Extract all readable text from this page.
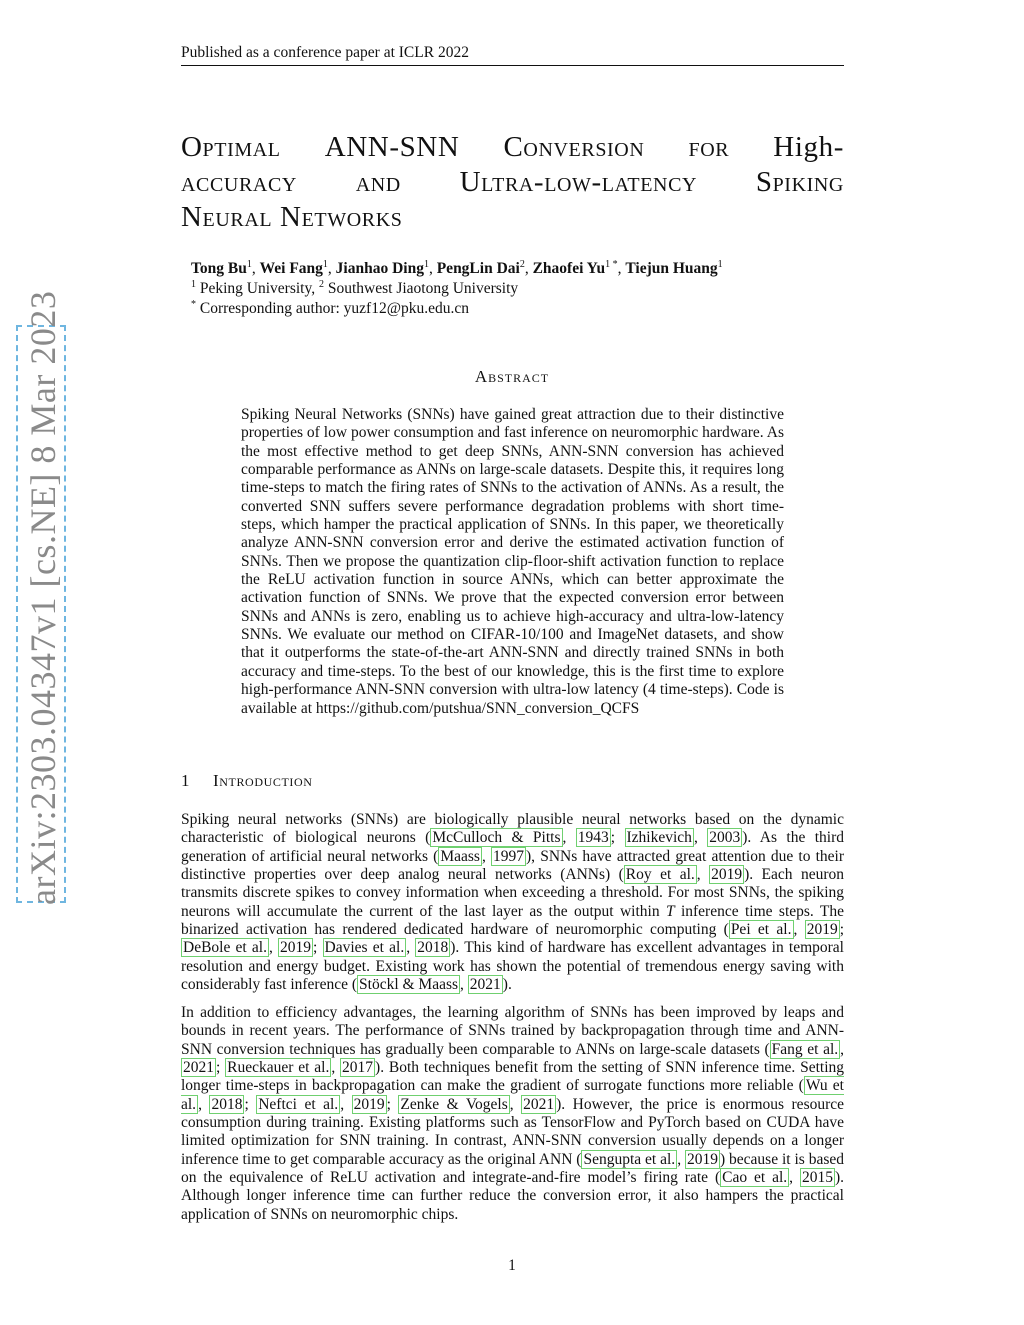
Published as a conference paper at ICLR 2022
arXiv:2303.04347v1 [cs.NE] 8 Mar 2023
Optimal ANN-SNN Conversion for High-
accuracy and Ultra-low-latency Spiking
Neural Networks
Tong Bu$^1$, Wei Fang$^1$, Jianhao Ding$^1$, PengLin Dai$^2$, Zhaofei $Yu^{1 *}$, Tiejun Huang$^1$
$^1$ Peking University, $^2$ Southwest Jiaotong University
* Corresponding author: yuzf12@pku.edu.cn
Abstract
Spiking Neural Networks (SNNs) have gained great attraction due to their distinctive properties of low power consumption and fast inference on neuromorphic hardware. As the most effective method to get deep SNNs, ANN-SNN conversion has achieved comparable performance as ANNs on large-scale datasets. Despite this, it requires long time-steps to match the firing rates of SNNs to the activation of ANNs. As a result, the converted SNN suffers severe performance degradation problems with short time-steps, which hamper the practical application of SNNs. In this paper, we theoretically analyze ANN-SNN conversion error and derive the estimated activation function of SNNs. Then we propose the quantization clip-floor-shift activation function to replace the ReLU activation function in source ANNs, which can better approximate the activation function of SNNs. We prove that the expected conversion error between SNNs and ANNs is zero, enabling us to achieve high-accuracy and ultra-low-latency SNNs. We evaluate our method on CIFAR-10/100 and ImageNet datasets, and show that it outperforms the state-of-the-art ANN-SNN and directly trained SNNs in both accuracy and time-steps. To the best of our knowledge, this is the first time to explore high-performance ANN-SNN conversion with ultra-low latency (4 time-steps). Code is available at https://github.com/putshua/SNN_conversion_QCFS
1 Introduction
Spiking neural networks (SNNs) are biologically plausible neural networks based on the dynamic characteristic of biological neurons ( McCulloch & Pitts , 1943 ; Izhikevich , 2003 ). As the third generation of artificial neural networks ( Maass , 1997 ), SNNs have attracted great attention due to their distinctive properties over deep analog neural networks (ANNs) ( Roy et al. , 2019 ). Each neuron transmits discrete spikes to convey information when exceeding a threshold. For most SNNs, the spiking neurons will accumulate the current of the last layer as the output within T inference time steps. The binarized activation has rendered dedicated hardware of neuromorphic computing ( Pei et al. , 2019 ; DeBole et al. , 2019 ; Davies et al. , 2018 ). This kind of hardware has excellent advantages in temporal resolution and energy budget. Existing work has shown the potential of tremendous energy saving with considerably fast inference ( Stöckl & Maass , 2021 ).
In addition to efficiency advantages, the learning algorithm of SNNs has been improved by leaps and bounds in recent years. The performance of SNNs trained by backpropagation through time and ANN-SNN conversion techniques has gradually been comparable to ANNs on large-scale datasets ( Fang et al. , 2021 ; Rueckauer et al. , 2017 ). Both techniques benefit from the setting of SNN inference time. Setting longer time-steps in backpropagation can make the gradient of surrogate functions more reliable ( Wu et al. , 2018 ; Neftci et al. , 2019 ; Zenke & Vogels , 2021 ). However, the price is enormous resource consumption during training. Existing platforms such as TensorFlow and PyTorch based on CUDA have limited optimization for SNN training. In contrast, ANN-SNN conversion usually depends on a longer inference time to get comparable accuracy as the original ANN ( Sengupta et al. , 2019 ) because it is based on the equivalence of ReLU activation and integrate-and-fire model’s firing rate ( Cao et al. , 2015 ). Although longer inference time can further reduce the conversion error, it also hampers the practical application of SNNs on neuromorphic chips.
1
